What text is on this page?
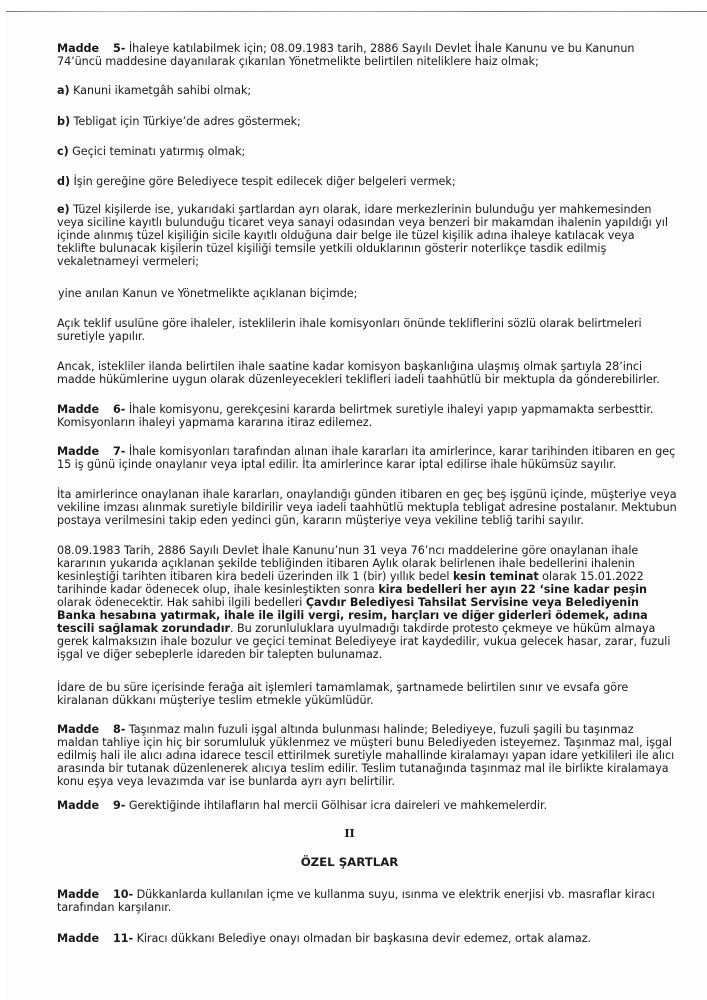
Madde 5- İhaleye katılabilmek için; 08.09.1983 tarih, 2886 Sayılı Devlet İhale Kanunu ve bu Kanunun 74’üncü maddesine dayanılarak çıkarılan Yönetmelikte belirtilen niteliklere haiz olmak;

a) Kanuni ikametgâh sahibi olmak;

b) Tebligat için Türkiye’de adres göstermek;

c) Geçici teminatı yatırmış olmak;

d) İşin gereğine göre Belediyece tespit edilecek diğer belgeleri vermek;

e) Tüzel kişilerde ise, yukarıdaki şartlardan ayrı olarak, idare merkezlerinin bulunduğu yer mahkemesinden veya siciline kayıtlı bulunduğu ticaret veya sanayi odasından veya benzeri bir makamdan ihalenin yapıldığı yıl içinde alınmış tüzel kişiliğin sicile kayıtlı olduğuna dair belge ile tüzel kişilik adına ihaleye katılacak veya teklifte bulunacak kişilerin tüzel kişiliği temsile yetkili olduklarının gösterir noterlikçe tasdik edilmiş vekaletnameyi vermeleri;

yine anılan Kanun ve Yönetmelikte açıklanan biçimde;

Açık teklif usulüne göre ihaleler, isteklilerin ihale komisyonları önünde tekliflerini sözlü olarak belirtmeleri suretiyle yapılır.

Ancak, istekliler ilanda belirtilen ihale saatine kadar komisyon başkanlığına ulaşmış olmak şartıyla 28’inci madde hükümlerine uygun olarak düzenleyecekleri teklifleri iadeli taahhütlü bir mektupla da gönderebilirler.

Madde 6- İhale komisyonu, gerekçesini kararda belirtmek suretiyle ihaleyi yapıp yapmamakta serbesttir. Komisyonların ihaleyi yapmama kararına itiraz edilemez.

Madde 7- İhale komisyonları tarafından alınan ihale kararları ita amirlerince, karar tarihinden itibaren en geç 15 iş günü içinde onaylanır veya iptal edilir. İta amirlerince karar iptal edilirse ihale hükümsüz sayılır.

İta amirlerince onaylanan ihale kararları, onaylandığı günden itibaren en geç beş işgünü içinde, müşteriye veya vekiline imzası alınmak suretiyle bildirilir veya iadeli taahhütlü mektupla tebligat adresine postalanır. Mektubun postaya verilmesini takip eden yedinci gün, kararın müşteriye veya vekiline tebliğ tarihi sayılır.

08.09.1983 Tarih, 2886 Sayılı Devlet İhale Kanunu’nun 31 veya 76’ncı maddelerine göre onaylanan ihale kararının yukarıda açıklanan şekilde tebliğinden itibaren Aylık olarak belirlenen ihale bedellerini ihalenin kesinleştiği tarihten itibaren kira bedeli üzerinden ilk 1 (bir) yıllık bedel kesin teminat olarak 15.01.2022 tarihinde kadar ödenecek olup, ihale kesinleştikten sonra kira bedelleri her ayın 22 ‘sine kadar peşin olarak ödenecektir. Hak sahibi ilgili bedelleri Çavdır Belediyesi Tahsilat Servisine veya Belediyenin Banka hesabına yatırmak, ihale ile ilgili vergi, resim, harçları ve diğer giderleri ödemek, adına tescili sağlamak zorundadır. Bu zorunluluklara uyulmadığı takdirde protesto çekmeye ve hüküm almaya gerek kalmaksızın ihale bozulur ve geçici teminat Belediyeye irat kaydedilir, vukua gelecek hasar, zarar, fuzuli işgal ve diğer sebeplerle idareden bir talepten bulunamaz.

İdare de bu süre içerisinde ferağa ait işlemleri tamamlamak, şartnamede belirtilen sınır ve evsafa göre kiralanan dükkanı müşteriye teslim etmekle yükümlüdür.

Madde 8- Taşınmaz malın fuzuli işgal altında bulunması halinde; Belediyeye, fuzuli şagili bu taşınmaz maldan tahliye için hiç bir sorumluluk yüklenmez ve müşteri bunu Belediyeden isteyemez. Taşınmaz mal, işgal edilmiş hali ile alıcı adına idarece tescil ettirilmek suretiyle mahallinde kiralamayı yapan idare yetkilileri ile alıcı arasında bir tutanak düzenlenerek alıcıya teslim edilir. Teslim tutanağında taşınmaz mal ile birlikte kiralamaya konu eşya veya levazımda var ise bunlarda ayrı ayrı belirtilir.

Madde 9- Gerektiğinde ihtilafların hal mercii Gölhisar icra daireleri ve mahkemelerdir.

II

ÖZEL ŞARTLAR

Madde 10- Dükkanlarda kullanılan içme ve kullanma suyu, ısınma ve elektrik enerjisi vb. masraflar kiracı tarafından karşılanır.

Madde 11- Kiracı dükkanı Belediye onayı olmadan bir başkasına devir edemez, ortak alamaz.
